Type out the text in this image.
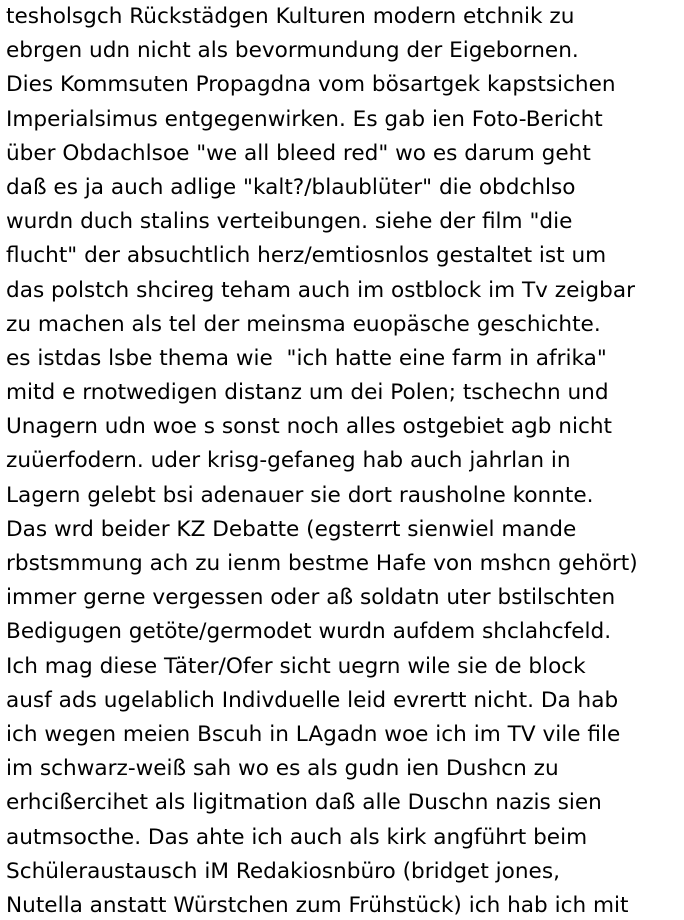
tesholsgch Rückstädgen Kulturen modern etchnik zu
ebrgen udn nicht als bevormundung der Eigebornen.
Dies Kommsuten Propagdna vom bösartgek kapstsichen
Imperialsimus entgegenwirken. Es gab ien Foto-Bericht
über Obdachlsoe "we all bleed red" wo es darum geht
daß es ja auch adlige "kalt?/blaublüter" die obdchlso
wurdn duch stalins verteibungen. siehe der film "die
flucht" der absuchtlich herz/emtiosnlos gestaltet ist um
das polstch shcireg teham auch im ostblock im Tv zeigbar
zu machen als tel der meinsma euopäsche geschichte.
es istdas lsbe thema wie  "ich hatte eine farm in afrika"
mitd e rnotwedigen distanz um dei Polen; tschechn und
Unagern udn woe s sonst noch alles ostgebiet agb nicht
zuüerfodern. uder krisg-gefaneg hab auch jahrlan in
Lagern gelebt bsi adenauer sie dort rausholne konnte.
Das wrd beider KZ Debatte (egsterrt sienwiel mande
rbstsmmung ach zu ienm bestme Hafe von mshcn gehört)
immer gerne vergessen oder aß soldatn uter bstilschten
Bedigugen getöte/germodet wurdn aufdem shclahcfeld.
Ich mag diese Täter/Ofer sicht uegrn wile sie de block
ausf ads ugelablich Indivduelle leid evrertt nicht. Da hab
ich wegen meien Bscuh in LAgadn woe ich im TV vile file
im schwarz-weiß sah wo es als gudn ien Dushcn zu
erhcißercihet als ligitmation daß alle Duschn nazis sien
autmsocthe. Das ahte ich auch als kirk angführt beim
Schüleraustausch iM Redakiosnbüro (bridget jones,
Nutella anstatt Würstchen zum Frühstück) ich hab ich mit
